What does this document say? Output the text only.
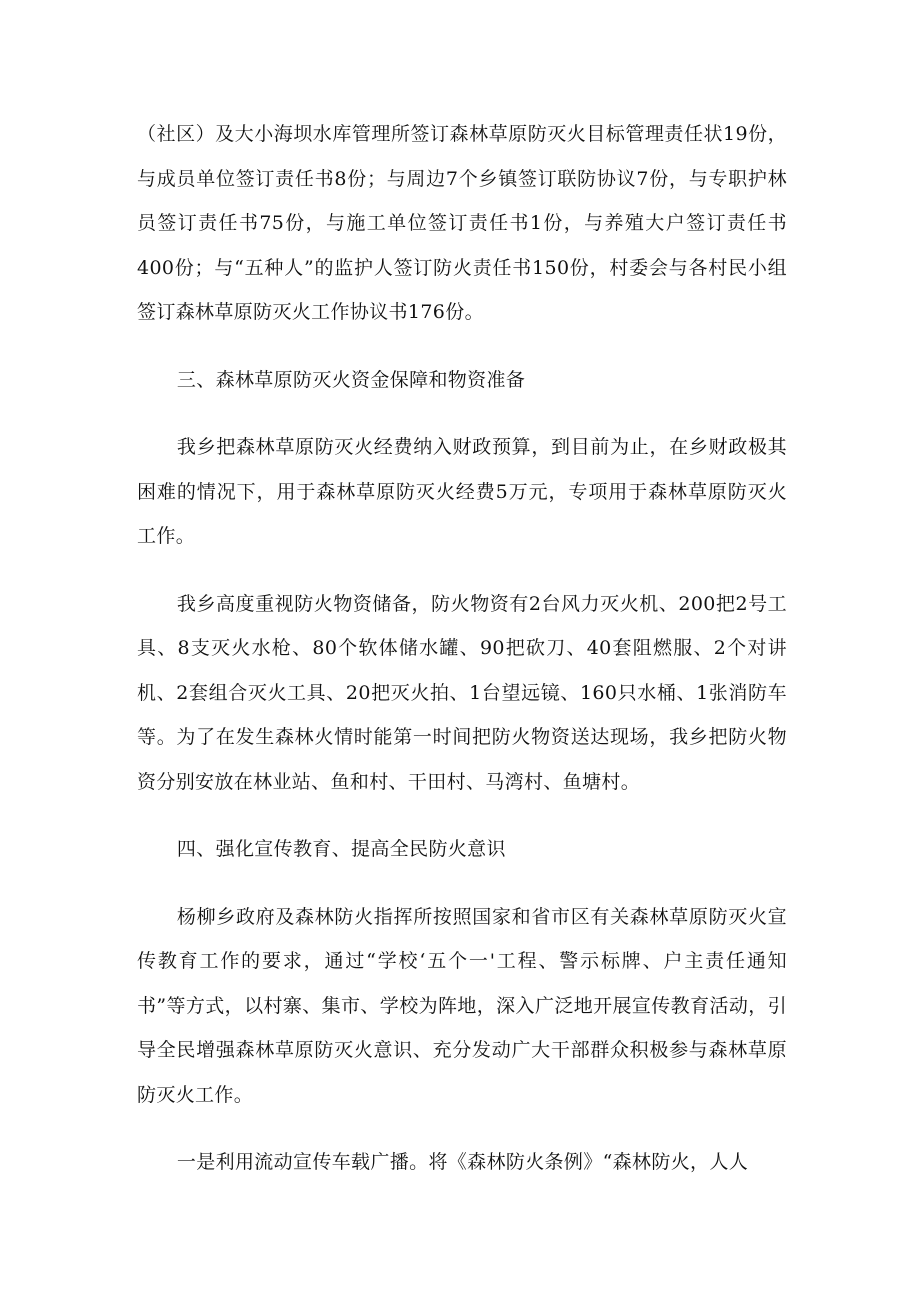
（社区）及大小海坝水库管理所签订森林草原防灭火目标管理责任状19份，与成员单位签订责任书8份；与周边7个乡镇签订联防协议7份，与专职护林员签订责任书75份，与施工单位签订责任书1份，与养殖大户签订责任书400份；与“五种人”的监护人签订防火责任书150份，村委会与各村民小组签订森林草原防灭火工作协议书176份。

三、森林草原防灭火资金保障和物资准备

我乡把森林草原防灭火经费纳入财政预算，到目前为止，在乡财政极其困难的情况下，用于森林草原防灭火经费5万元，专项用于森林草原防灭火工作。

我乡高度重视防火物资储备，防火物资有2台风力灭火机、200把2号工具、8支灭火水枪、80个软体储水罐、90把砍刀、40套阻燃服、2个对讲机、2套组合灭火工具、20把灭火拍、1台望远镜、160只水桶、1张消防车等。为了在发生森林火情时能第一时间把防火物资送达现场，我乡把防火物资分别安放在林业站、鱼和村、干田村、马湾村、鱼塘村。

四、强化宣传教育、提高全民防火意识

杨柳乡政府及森林防火指挥所按照国家和省市区有关森林草原防灭火宣传教育工作的要求，通过“学校‘五个一'工程、警示标牌、户主责任通知书”等方式，以村寨、集市、学校为阵地，深入广泛地开展宣传教育活动，引导全民增强森林草原防灭火意识、充分发动广大干部群众积极参与森林草原防灭火工作。

一是利用流动宣传车载广播。将《森林防火条例》“森林防火，人人
